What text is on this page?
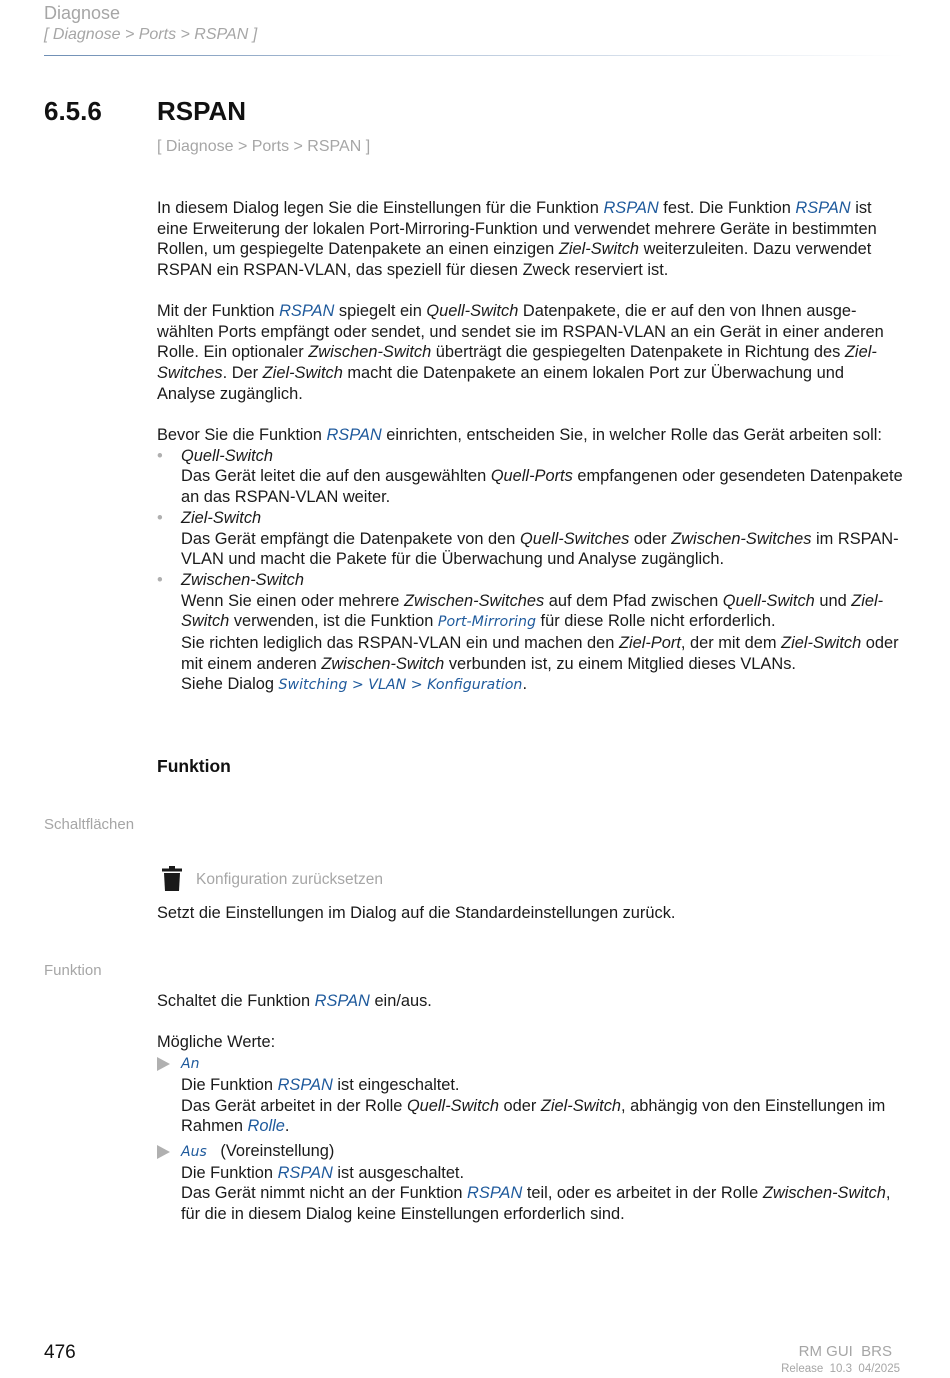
Diagnose
[ Diagnose > Ports > RSPAN ]
6.5.6 RSPAN
[ Diagnose > Ports > RSPAN ]

In diesem Dialog legen Sie die Einstellungen für die Funktion RSPAN fest. Die Funktion RSPAN ist eine Erweiterung der lokalen Port-Mirroring-Funktion und verwendet mehrere Geräte in bestimmten Rollen, um gespiegelte Datenpakete an einen einzigen Ziel-Switch weiterzuleiten. Dazu verwendet RSPAN ein RSPAN-VLAN, das speziell für diesen Zweck reserviert ist.

Mit der Funktion RSPAN spiegelt ein Quell-Switch Datenpakete, die er auf den von Ihnen ausgewählten Ports empfängt oder sendet, und sendet sie im RSPAN-VLAN an ein Gerät in einer anderen Rolle. Ein optionaler Zwischen-Switch überträgt die gespiegelten Datenpakete in Richtung des Ziel-Switches. Der Ziel-Switch macht die Datenpakete an einem lokalen Port zur Überwachung und Analyse zugänglich.

Bevor Sie die Funktion RSPAN einrichten, entscheiden Sie, in welcher Rolle das Gerät arbeiten soll:

• Quell-Switch
Das Gerät leitet die auf den ausgewählten Quell-Ports empfangenen oder gesendeten Datenpakete an das RSPAN-VLAN weiter.
• Ziel-Switch
Das Gerät empfängt die Datenpakete von den Quell-Switches oder Zwischen-Switches im RSPAN-VLAN und macht die Pakete für die Überwachung und Analyse zugänglich.
• Zwischen-Switch
Wenn Sie einen oder mehrere Zwischen-Switches auf dem Pfad zwischen Quell-Switch und Ziel-Switch verwenden, ist die Funktion Port-Mirroring für diese Rolle nicht erforderlich.
Sie richten lediglich das RSPAN-VLAN ein und machen den Ziel-Port, der mit dem Ziel-Switch oder mit einem anderen Zwischen-Switch verbunden ist, zu einem Mitglied dieses VLANs.
Siehe Dialog Switching > VLAN > Konfiguration.
Funktion
Schaltflächen
Konfiguration zurücksetzen
Setzt die Einstellungen im Dialog auf die Standardeinstellungen zurück.
Funktion

Schaltet die Funktion RSPAN ein/aus.

Mögliche Werte:

An
Die Funktion RSPAN ist eingeschaltet.
Das Gerät arbeitet in der Rolle Quell-Switch oder Ziel-Switch, abhängig von den Einstellungen im Rahmen Rolle.
Aus (Voreinstellung)
Die Funktion RSPAN ist ausgeschaltet.
Das Gerät nimmt nicht an der Funktion RSPAN teil, oder es arbeitet in der Rolle Zwischen-Switch, für die in diesem Dialog keine Einstellungen erforderlich sind.
476	RM GUI  BRS
Release  10.3  04/2025
